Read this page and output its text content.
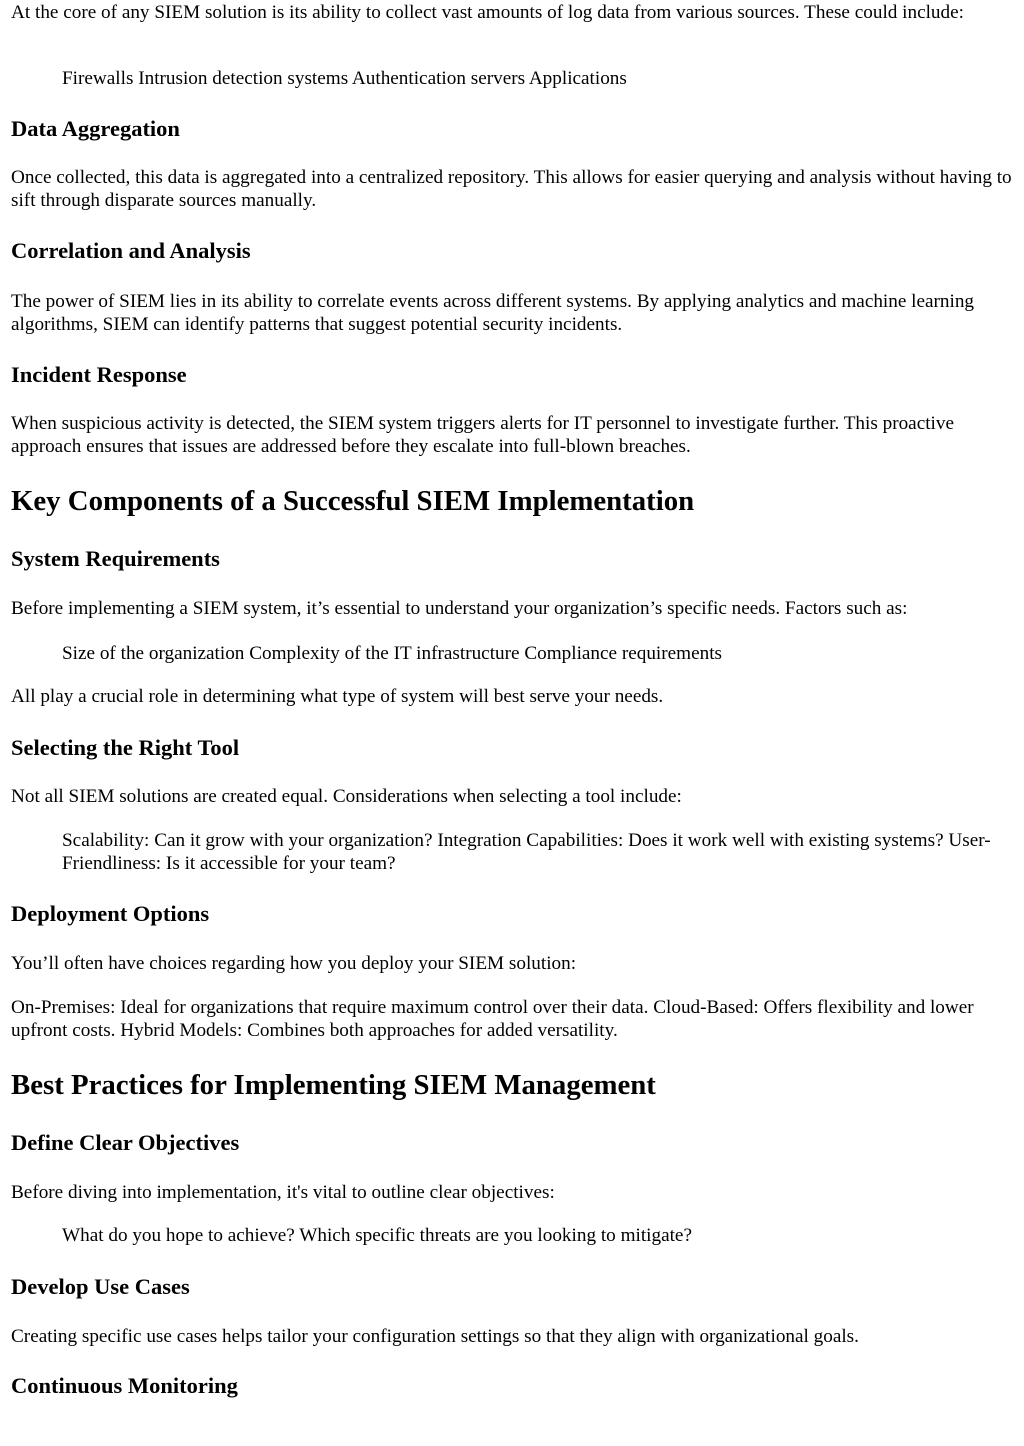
At the core of any SIEM solution is its ability to collect vast amounts of log data from various sources. These could include:

Firewalls Intrusion detection systems Authentication servers Applications
Data Aggregation

Once collected, this data is aggregated into a centralized repository. This allows for easier querying and analysis without having to sift through disparate sources manually.

Correlation and Analysis

The power of SIEM lies in its ability to correlate events across different systems. By applying analytics and machine learning algorithms, SIEM can identify patterns that suggest potential security incidents.

Incident Response

When suspicious activity is detected, the SIEM system triggers alerts for IT personnel to investigate further. This proactive approach ensures that issues are addressed before they escalate into full-blown breaches.

Key Components of a Successful SIEM Implementation
System Requirements

Before implementing a SIEM system, it’s essential to understand your organization’s specific needs. Factors such as:

Size of the organization Complexity of the IT infrastructure Compliance requirements

All play a crucial role in determining what type of system will best serve your needs.

Selecting the Right Tool

Not all SIEM solutions are created equal. Considerations when selecting a tool include:

Scalability: Can it grow with your organization? Integration Capabilities: Does it work well with existing systems? User-Friendliness: Is it accessible for your team?
Deployment Options

You’ll often have choices regarding how you deploy your SIEM solution:

On-Premises: Ideal for organizations that require maximum control over their data. Cloud-Based: Offers flexibility and lower upfront costs. Hybrid Models: Combines both approaches for added versatility.

Best Practices for Implementing SIEM Management
Define Clear Objectives

Before diving into implementation, it's vital to outline clear objectives:

What do you hope to achieve? Which specific threats are you looking to mitigate?
Develop Use Cases

Creating specific use cases helps tailor your configuration settings so that they align with organizational goals.

Continuous Monitoring
